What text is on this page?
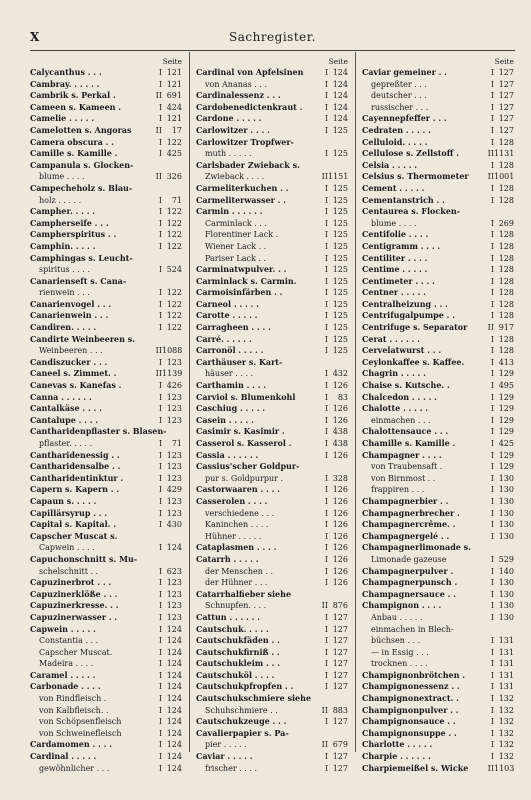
X	Sachregister.
Seite
Calycanthus . . .	I 121
Cambray. . . . . .	I 121
Cambrik s. Perkal .	II 691
Cameen s. Kameen .	I 424
Camelie . . . . .	I 121
Camelotten s. Angoras	II	17
Camera obscura . .	I 122
Camille s. Kamille .	I 425
Campanula s. Glocken-
blume . . . .	II 326
Campecheholz s. Blau-
holz . . . . .	I	71
Campher. . . . .	I 122
Campherseife . . .	I 122
Campherspiritus . .	I 122
Camphin. . . . .	I 122
Camphingas s. Leucht-
spiritus . . . .	I 524
Canarienseft s. Cana-
rienwein . . .	I 122
Canarienvogel . . .	I 122
Canarienwein . . .	I 122
Candiren. . . . .	I 122
Candirte Weinbeeren s.
Weinbeeren . . .	II 1088
Candiszucker . . .	I 123
Caneel s. Zimmet. .	II 1139
Canevas s. Kanefas .	I 426
Canna . . . . . .	I 123
Cantalkäse . . . .	I 123
Cantalupe . . . .	I 123
Cantharidenpflaster s. Blasen-
pflaster. . . . .	I	71
Cantharidenessig . .	I 123
Cantharidensalbe . .	I 123
Cantharidentinktur .	I 123
Capern s. Kapern . .	I 429
Capaun s. . . . .	I 123
Capillärsyrup . . .	I 123
Capital s. Kapital. .	I 430
Capscher Muscat s.
Capwein . . . .	I 124
Capuchonschnitt s. Mu-
schelschnitt . .	I 623
Capuzinerbrot . . .	I 123
Capuzinerklöße . . .	I 123
Capuzinerkresse. . .	I 123
Capuzinerwasser . .	I 123
Capwein . . . . .	I 124
Constantia . . .	I 124
Capscher Muscat.	I 124
Madeira . . . .	I 124
Caramel . . . . .	I 124
Carbonade . . . .	I 124
von Rindfleisch .	I 124
von Kalbfleisch. .	I 124
von Schöpsenfleisch	I 124
von Schweinefleisch	I 124
Cardamomen . . . .	I 124
Cardinal . . . . .	I 124
gewöhnlicher . . .	I 124
Seite
Cardinal von Apfelsinen	I 124
von Ananas . . .	I 124
Cardinalessenz . . .	I 124
Cardobenedictenkraut .	I 124
Cardone . . . . .	I 124
Carlowitzer . . . .	I 125
Carlowitzer Tropfwer-
muth . . . . .	I 125
Carlsbader Zwieback s.
Zwieback . . . .	II 1151
Carmeliterkuchen . .	I 125
Carmeliterwasser . .	I 125
Carmin . . . . . .	I 125
Carminlack . . .	I 125
Florentiner Lack .	I 125
Wiener Lack . .	I 125
Pariser Lack . .	I 125
Carminatwpulver. . .	I 125
Carminlack s. Carmin.	I 125
Carmoisinfärben . .	I 125
Carneol . . . . .	I 125
Carotte . . . . .	I 125
Carragheen . . . .	I 125
Carré. . . . . .	I 125
Carronöl . . . . .	I 125
Carthäuser s. Kart-
häuser . . . .	I 432
Carthamin . . . .	I 126
Carviol s. Blumenkohl	I	83
Caschiug . . . . .	I 126
Casein . . . . .	I 126
Casimir s. Kasimir .	I 438
Casserol s. Kasserol .	I 438
Cassia . . . . . .	I 126
Cassius'scher Goldpur-
pur s. Goldpurpur .	I 328
Castorwaaren . . . .	I 126
Casserolen . . . .	I 126
verschiedene . . .	I 126
Kaninchen . . . .	I 126
Hühner . . . . .	I 126
Cataplasmen . . . .	I 126
Catarrh . . . . .	I 126
der Menschen . .	I 126
der Hühner . . .	I 126
Catarrhalfieber siehe
Schnupfen. . . .	II 876
Cattun . . . . . .	I 127
Cautschuk. . . . .	I 127
Cautschukfäden . .	I 127
Cautschukfirniß . .	I 127
Cautschukleim . . .	I 127
Cautschuköl . . . .	I 127
Cautschukpfropfen . .	I 127
Cautschukschmiere siehe
Schuhschmiere . .	II 883
Cautschukzeuge . . .	I 127
Cavalierpapier s. Pa-
pier . . . . .	II 679
Caviar . . . . .	I 127
frischer . . . .	I 127
Seite
Caviar gemeiner . .	I 127
gepreßter . . .	I 127
deutscher . . .	I 127
russischer . . .	I 127
Cayennepfeffer . . .	I 127
Cedraten . . . . .	I 127
Celluloid. . . . .	I 128
Cellulose s. Zellstoff .	II 1131
Celsia . . . . .	I 128
Celsius s. Thermometer	II 1001
Cement . . . . .	I 128
Cementanstrich . .	I 128
Centaurea s. Flocken-
blume . . . .	I 269
Centifolie . . . .	I 128
Centigramm . . . .	I 128
Centiliter . . . .	I 128
Centime . . . . .	I 128
Centimeter . . . .	I 128
Centner . . . . .	I 128
Centralheizung . . .	I 128
Centrifugalpumpe . .	I 128
Centrifuge s. Separator	II 917
Cerat . . . . . .	I 128
Cervelatwurst . . .	I 128
Ceylonkaffee s. Kaffee.	I 413
Chagrin . . . . .	I 129
Chaise s. Kutsche. .	I 495
Chalcedon . . . . .	I 129
Chalotte . . . . .	I 129
einmachen . . .	I 129
Chalottensauce . . .	I 129
Chamille s. Kamille .	I 425
Champagner . . . .	I 129
von Traubensaft .	I 129
von Birnmost . .	I 130
frappiren . . .	I 130
Champagnerbier . .	I 130
Champagnerbrecher .	I 130
Champagnercrême. .	I 130
Champagnergelé . .	I 130
Champagnerlimonade s.
Limonade gazeuse	I 529
Champagnerpulver .	I 140
Champagnerpunsch .	I 130
Champagnersauce . .	I 130
Champignon . . . .	I 130
Anbau . . . . .	I 130
einmachen in Blech-
büchsen . . .	I 131
— in Essig . . .	I 131
trocknen . . . .	I 131
Champignonbrötchen .	I 131
Champignonessenz . .	I 131
Champignonextract. .	I 132
Champignonpulver . .	I 132
Champignonsauce . .	I 132
Champignonsuppe . .	I 132
Charlotte . . . . .	I 132
Charpie . . . . . .	I 132
Charpiemeißel s. Wicke	II 1103
